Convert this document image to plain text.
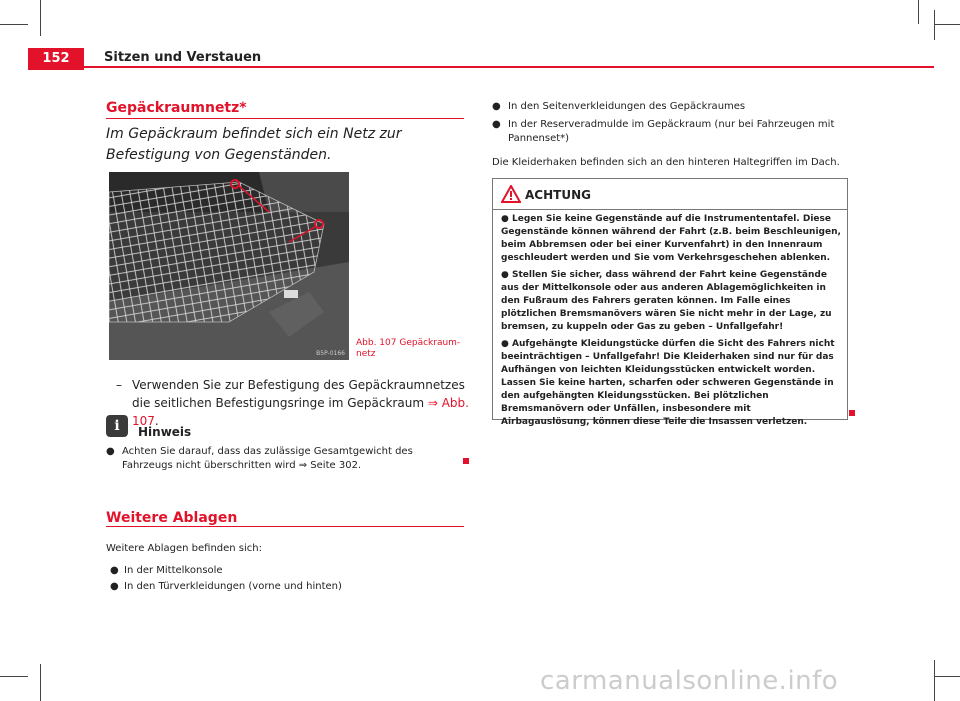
152	Sitzen und Verstauen
Gepäckraumnetz*
Im Gepäckraum befindet sich ein Netz zur Befestigung von Gegenständen.
B5P-0166
Abb. 107 Gepäckraum-netz
– Verwenden Sie zur Befestigung des Gepäckraumnetzes die seitlichen Befestigungsringe im Gepäckraum ⇒ Abb. 107.
i	Hinweis
● Achten Sie darauf, dass das zulässige Gesamtgewicht des Fahrzeugs nicht überschritten wird ⇒ Seite 302.
Weitere Ablagen
Weitere Ablagen befinden sich:
● In der Mittelkonsole
● In den Türverkleidungen (vorne und hinten)
● In den Seitenverkleidungen des Gepäckraumes
● In der Reserveradmulde im Gepäckraum (nur bei Fahrzeugen mit Pannenset*)
Die Kleiderhaken befinden sich an den hinteren Haltegriffen im Dach.
ACHTUNG

● Legen Sie keine Gegenstände auf die Instrumententafel. Diese Gegenstände können während der Fahrt (z.B. beim Beschleunigen, beim Abbremsen oder bei einer Kurvenfahrt) in den Innenraum geschleudert werden und Sie vom Verkehrsgeschehen ablenken.

● Stellen Sie sicher, dass während der Fahrt keine Gegenstände aus der Mittelkonsole oder aus anderen Ablagemöglichkeiten in den Fußraum des Fahrers geraten können. Im Falle eines plötzlichen Bremsmanövers wären Sie nicht mehr in der Lage, zu bremsen, zu kuppeln oder Gas zu geben – Unfallgefahr!

● Aufgehängte Kleidungstücke dürfen die Sicht des Fahrers nicht beeinträchtigen – Unfallgefahr! Die Kleiderhaken sind nur für das Aufhängen von leichten Kleidungsstücken entwickelt worden. Lassen Sie keine harten, scharfen oder schweren Gegenstände in den aufgehängten Kleidungsstücken. Bei plötzlichen Bremsmanövern oder Unfällen, insbesondere mit Airbagauslösung, können diese Teile die Insassen verletzen.

carmanualsonline.info
